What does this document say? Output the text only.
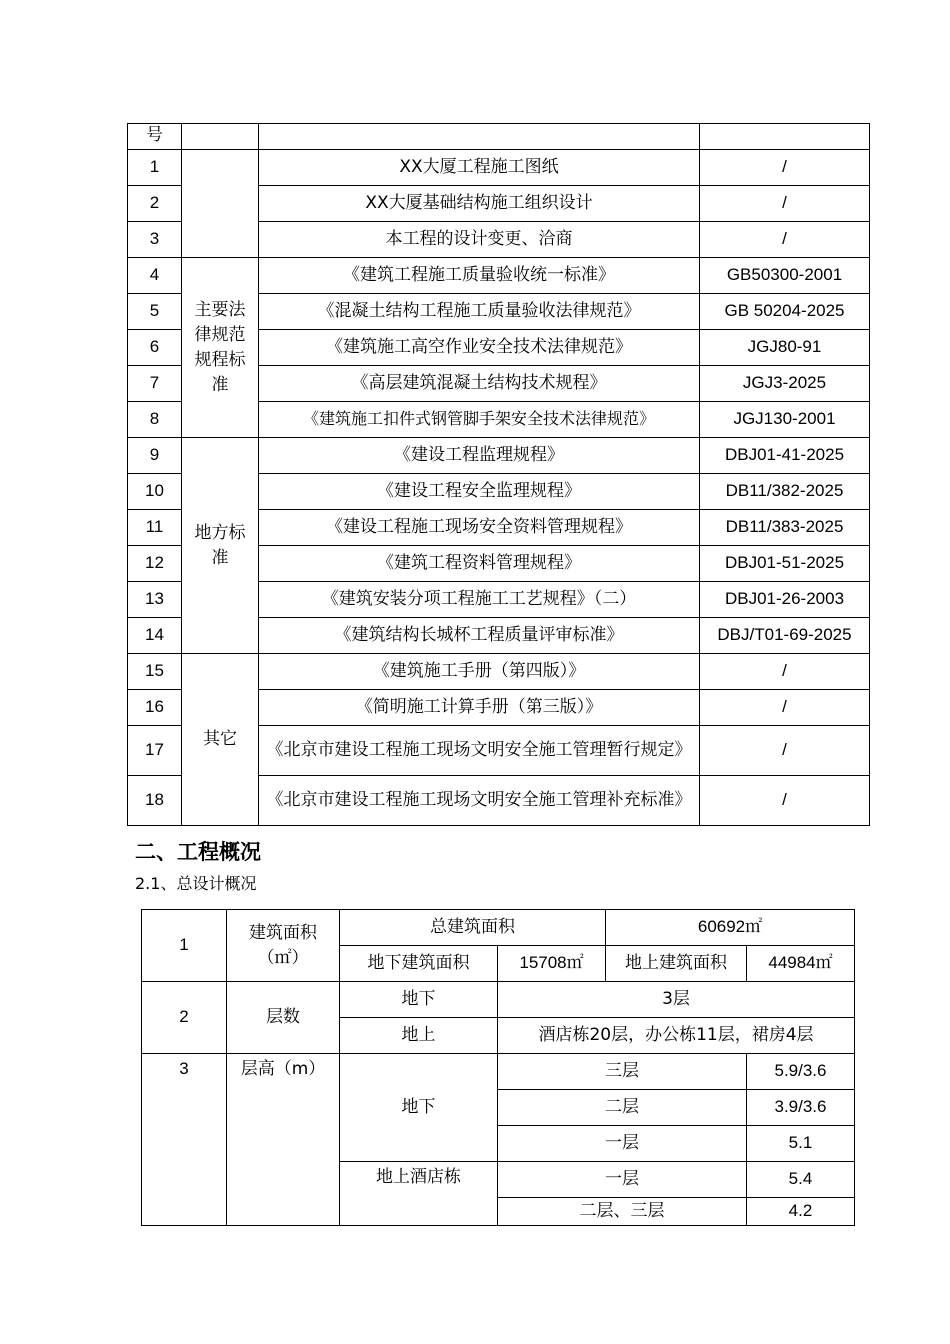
号			
1		XX大厦工程施工图纸	/
2		XX大厦基础结构施工组织设计	/
3		本工程的设计变更、洽商	/
4	主要法律规范规程标准	《建筑工程施工质量验收统一标准》	GB50300-2001
5		《混凝土结构工程施工质量验收法律规范》	GB 50204-2025
6		《建筑施工高空作业安全技术法律规范》	JGJ80-91
7		《高层建筑混凝土结构技术规程》	JGJ3-2025
8		《建筑施工扣件式钢管脚手架安全技术法律规范》	JGJ130-2001
9	地方标准	《建设工程监理规程》	DBJ01-41-2025
10		《建设工程安全监理规程》	DB11/382-2025
11		《建设工程施工现场安全资料管理规程》	DB11/383-2025
12		《建筑工程资料管理规程》	DBJ01-51-2025
13		《建筑安装分项工程施工工艺规程》（二）	DBJ01-26-2003
14		《建筑结构长城杯工程质量评审标准》	DBJ/T01-69-2025
15	其它	《建筑施工手册（第四版）》	/
16		《简明施工计算手册（第三版）》	/
17		《北京市建设工程施工现场文明安全施工管理暂行规定》	/
18		《北京市建设工程施工现场文明安全施工管理补充标准》	/
二、工程概况

2.1、总设计概况

1	建筑面积（㎡）	总建筑面积		60692㎡	
		地下建筑面积	15708㎡	地上建筑面积	44984㎡
2	层数	地下	3层		
		地上	酒店栋20层，办公栋11层，裙房4层		
3	层高（m）	地下	三层		5.9/3.6
			二层		3.9/3.6
			一层		5.1
		地上酒店栋	一层		5.4
			二层、三层		4.2
